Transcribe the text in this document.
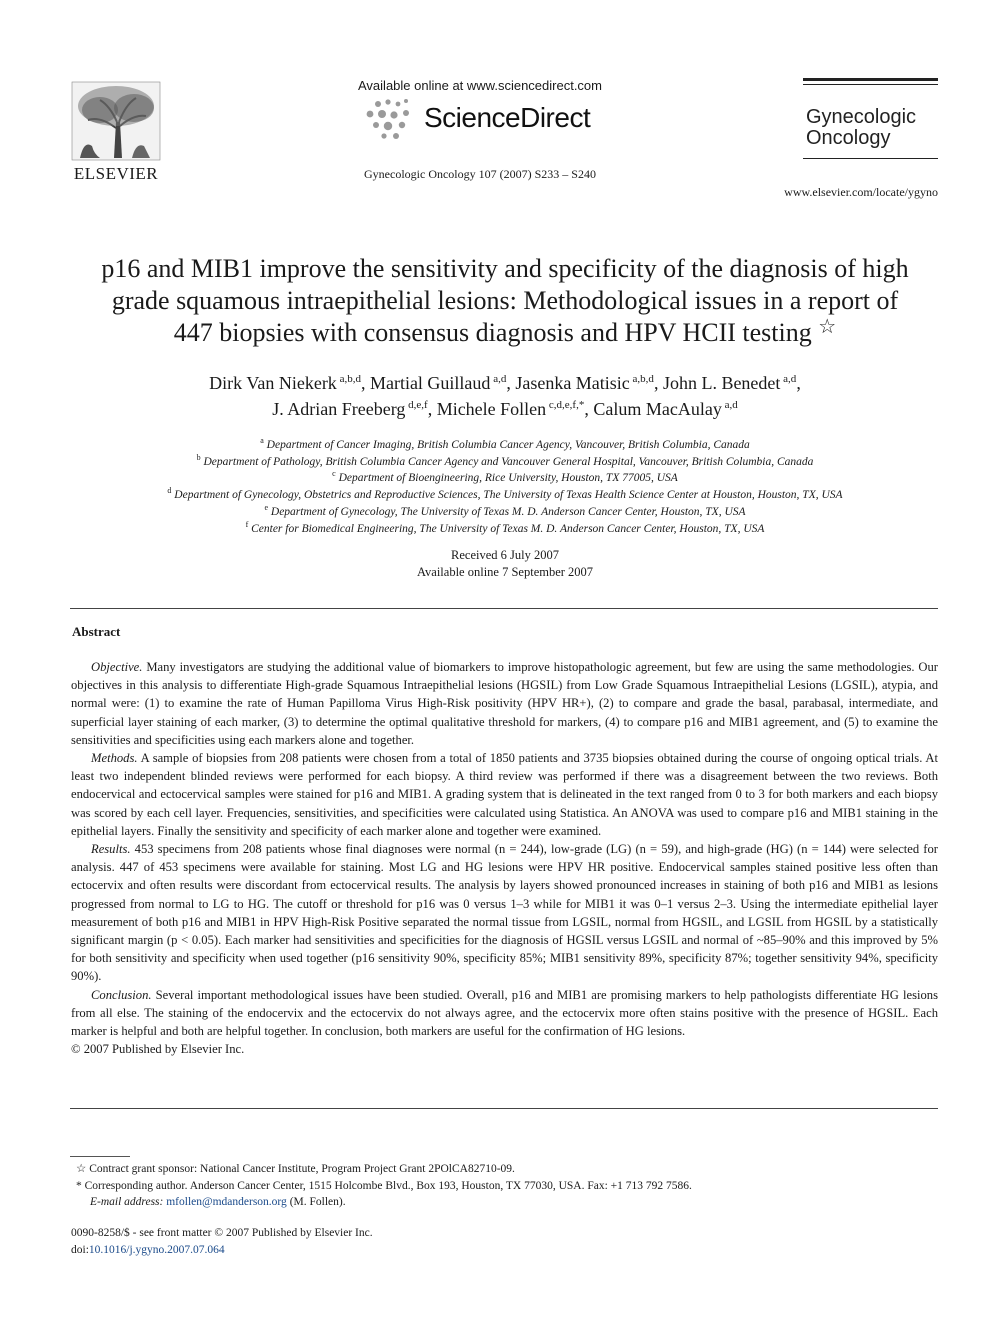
ELSEVIER
Available online at www.sciencedirect.com
ScienceDirect
Gynecologic Oncology 107 (2007) S233 – S240
Gynecologic
Oncology
www.elsevier.com/locate/ygyno
p16 and MIB1 improve the sensitivity and specificity of the diagnosis of high
grade squamous intraepithelial lesions: Methodological issues in a report of
447 biopsies with consensus diagnosis and HPV HCII testing ☆
Dirk Van Niekerk $^{a,b,d}$, Martial Guillaud $^{a,d}$, Jasenka Matisic $^{a,b,d}$, John L. Benedet $^{a,d}$,
J. Adrian Freeberg $^{d,e,f}$, Michele Follen $^{c,d,e,f,*}$, Calum MacAulay $^{a,d}$
$^a$ Department of Cancer Imaging, British Columbia Cancer Agency, Vancouver, British Columbia, Canada
$^b$ Department of Pathology, British Columbia Cancer Agency and Vancouver General Hospital, Vancouver, British Columbia, Canada
$^c$ Department of Bioengineering, Rice University, Houston, TX 77005, USA
$^d$ Department of Gynecology, Obstetrics and Reproductive Sciences, The University of Texas Health Science Center at Houston, Houston, TX, USA
$^e$ Department of Gynecology, The University of Texas M. D. Anderson Cancer Center, Houston, TX, USA
$^f$ Center for Biomedical Engineering, The University of Texas M. D. Anderson Cancer Center, Houston, TX, USA
Received 6 July 2007
Available online 7 September 2007
Abstract

Objective. Many investigators are studying the additional value of biomarkers to improve histopathologic agreement, but few are using the same methodologies. Our objectives in this analysis to differentiate High-grade Squamous Intraepithelial lesions (HGSIL) from Low Grade Squamous Intraepithelial Lesions (LGSIL), atypia, and normal were: (1) to examine the rate of Human Papilloma Virus High-Risk positivity (HPV HR+), (2) to compare and grade the basal, parabasal, intermediate, and superficial layer staining of each marker, (3) to determine the optimal qualitative threshold for markers, (4) to compare p16 and MIB1 agreement, and (5) to examine the sensitivities and specificities using each markers alone and together.

Methods. A sample of biopsies from 208 patients were chosen from a total of 1850 patients and 3735 biopsies obtained during the course of ongoing optical trials. At least two independent blinded reviews were performed for each biopsy. A third review was performed if there was a disagreement between the two reviews. Both endocervical and ectocervical samples were stained for p16 and MIB1. A grading system that is delineated in the text ranged from 0 to 3 for both markers and each biopsy was scored by each cell layer. Frequencies, sensitivities, and specificities were calculated using Statistica. An ANOVA was used to compare p16 and MIB1 staining in the epithelial layers. Finally the sensitivity and specificity of each marker alone and together were examined.

Results. 453 specimens from 208 patients whose final diagnoses were normal (n = 244), low-grade (LG) (n = 59), and high-grade (HG) (n = 144) were selected for analysis. 447 of 453 specimens were available for staining. Most LG and HG lesions were HPV HR positive. Endocervical samples stained positive less often than ectocervix and often results were discordant from ectocervical results. The analysis by layers showed pronounced increases in staining of both p16 and MIB1 as lesions progressed from normal to LG to HG. The cutoff or threshold for p16 was 0 versus 1–3 while for MIB1 it was 0–1 versus 2–3. Using the intermediate epithelial layer measurement of both p16 and MIB1 in HPV High-Risk Positive separated the normal tissue from LGSIL, normal from HGSIL, and LGSIL from HGSIL by a statistically significant margin (p < 0.05). Each marker had sensitivities and specificities for the diagnosis of HGSIL versus LGSIL and normal of ~85–90% and this improved by 5% for both sensitivity and specificity when used together (p16 sensitivity 90%, specificity 85%; MIB1 sensitivity 89%, specificity 87%; together sensitivity 94%, specificity 90%).

Conclusion. Several important methodological issues have been studied. Overall, p16 and MIB1 are promising markers to help pathologists differentiate HG lesions from all else. The staining of the endocervix and the ectocervix do not always agree, and the ectocervix more often stains positive with the presence of HGSIL. Each marker is helpful and both are helpful together. In conclusion, both markers are useful for the confirmation of HG lesions.

© 2007 Published by Elsevier Inc.

☆ Contract grant sponsor: National Cancer Institute, Program Project Grant 2POlCA82710-09.
* Corresponding author. Anderson Cancer Center, 1515 Holcombe Blvd., Box 193, Houston, TX 77030, USA. Fax: +1 713 792 7586.
E-mail address: mfollen@mdanderson.org (M. Follen).
0090-8258/$ - see front matter © 2007 Published by Elsevier Inc.
doi:10.1016/j.ygyno.2007.07.064
